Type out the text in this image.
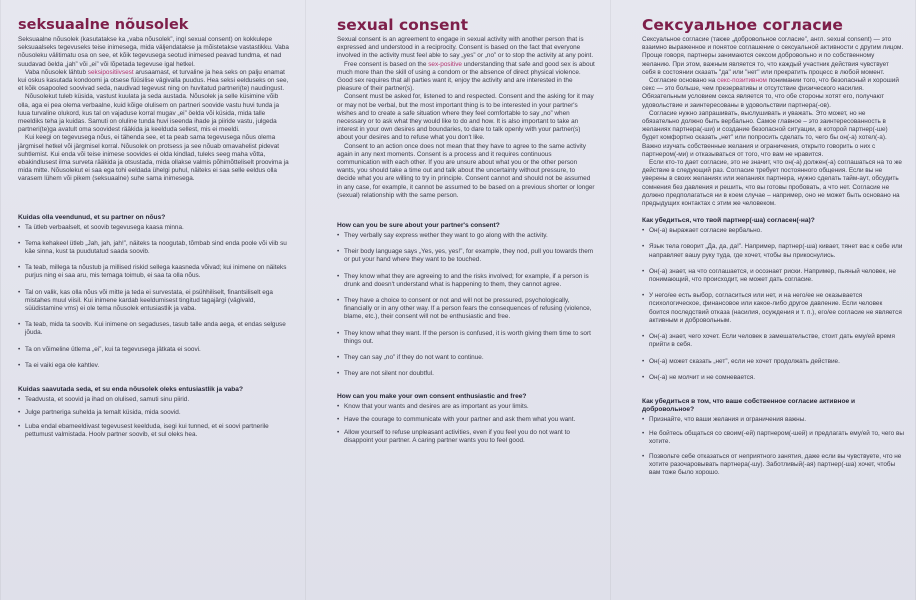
seksuaalne nõusolek

Seksuaalne nõusolek (kasutatakse ka „vaba nõusolek”, ingl sexual consent) on kokkulepe seksuaalseks tegevuseks teise inimesega, mida väljendatakse ja mõistetakse vastastikku. Vaba nõusoleku välitimatu osa on see, et kõik tegevusega seotud inimesed peavad tundma, et nad suudavad öelda „jah” või „ei” või lõpetada tegevuse igal hetkel.

Vaba nõusolek lähtub seksipositiivsest arusaamast, et turvaline ja hea seks on palju enamat kui oskus kasutada kondoomi ja otsese füüsilise vägivalla puudus. Hea seksi eelduseks on see, et kõik osapooled soovivad seda, naudivad tegevust ning on huvitatud partneri(te) naudingust.

Nõusolekut tuleb küsida, vastust kuulata ja seda austada. Nõusolek ja selle küsimine võib olla, aga ei pea olema verbaalne, kuid kõige olulisem on partneri soovide vastu huvi tunda ja luua turvaline olukord, kus tal on vajaduse korral mugav „ei” öelda või küsida, mida talle meeldiks teha ja kuidas. Samuti on oluline tunda huvi iseenda ihade ja piiride vastu, julgeda partneri(te)ga avatult oma soovidest rääkida ja keelduda sellest, mis ei meeldi.

Kui keegi on tegevusega nõus, ei tähenda see, et ta peab sama tegevusega nõus olema järgmisel hetkel või järgmisel korral. Nõusolek on protsess ja see nõuab omavahelist pidevat suhtlemist. Kui enda või teise inimese soovides ei olda kindlad, tuleks seeg maha võtta, ebakindlusest ilma surveta rääkida ja otsustada, mida ollakse valmis põhimõtteliselt proovima ja mida mitte. Nõusolekut ei saa ega tohi eeldada ühelgi puhul, näiteks ei saa selle eeldus olla varasem lühem või pikem (seksuaalne) suhe sama inimesega.

Kuidas olla veendunud, et su partner on nõus?
• Ta ütleb verbaalselt, et soovib tegevusega kaasa minna.
• Tema kehakeel ütleb „Jah, jah, jah!”, näiteks ta noogutab, tõmbab sind enda poole või viib su käe sinna, kust ta puudutatud saada soovib.
• Ta teab, millega ta nõustub ja millised riskid sellega kaasneda võivad; kui inimene on näiteks purjus ning ei saa aru, mis temaga toimub, ei saa ta olla nõus.
• Tal on valik, kas olla nõus või mitte ja teda ei survestata, ei psühhiliselt, finantsiliselt ega mistahes muul viisil. Kui inimene kardab keeldumisest tingitud tagajärgi (vägivald, süüdistamine vms) ei ole tema nõusolek entusiastlik ja vaba.
• Ta teab, mida ta soovib. Kui inimene on segaduses, tasub talle anda aega, et endas selguse jõuda.
• Ta on võimeline ütlema „ei”, kui ta tegevusega jätkata ei soovi.
• Ta ei vaiki ega ole kahtlev.
Kuidas saavutada seda, et su enda nõusolek oleks entusiastlik ja vaba?
• Teadvusta, et soovid ja ihad on olulised, samuti sinu piirid.
• Julge partneriga suhelda ja temalt küsida, mida soovid.
• Luba endal ebameeldivast tegevusest keelduda, isegi kui tunned, et ei soovi partnerile pettumust valmistada. Hoolv partner soovib, et sul oleks hea.
sexual consent

Sexual consent is an agreement to engage in sexual activity with another person that is expressed and understood in a reciprocity. Consent is based on the fact that everyone involved in the activity must feel able to say „yes” or „no” or to stop the activity at any point.

Free consent is based on the sex-positive understanding that safe and good sex is about much more than the skill of using a condom or the absence of direct physical violence. Good sex requires that all parties want it, enjoy the activity and are interested in the pleasure of their partner(s).

Consent must be asked for, listened to and respected. Consent and the asking for it may or may not be verbal, but the most important thing is to be interested in your partner's wishes and to create a safe situation where they feel comfortable to say „no” when necessary or to ask what they would like to do and how. It is also important to take an interest in your own desires and boundaries, to dare to talk openly with your partner(s) about your desires and to refuse what you don't like.

Consent to an action once does not mean that they have to agree to the same activity again in any next moments. Consent is a process and it requires continuous communication with each other. If you are unsure about what you or the other person wants, you should take a time out and talk about the uncertainty without pressure, to decide what you are willing to try in principle. Consent cannot and should not be assumed in any case, for example, it cannot be assumed to be based on a previous shorter or longer (sexual) relationship with the same person.

How can you be sure about your partner's consent?
• They verbally say express wether they want to go along with the activity.
• Their body language says „Yes, yes, yes!”, for example, they nod, pull you towards them or put your hand where they want to be touched.
• They know what they are agreeing to and the risks involved; for example, if a person is drunk and doesn't understand what is happening to them, they cannot agree.
• They have a choice to consent or not and will not be pressured, psychologically, financially or in any other way. If a person fears the consequences of refusing (violence, blame, etc.), their consent will not be enthusiastic and free.
• They know what they want. If the person is confused, it is worth giving them time to sort things out.
• They can say „no” if they do not want to continue.
• They are not silent nor doubtful.
How can you make your own consent enthusiastic and free?
• Know that your wants and desires are as important as your limits.
• Have the courage to communicate with your partner and ask them what you want.
• Allow yourself to refuse unpleasant activities, even if you feel you do not want to disappoint your partner. A caring partner wants you to feel good.
Сексуальное согласие

Сексуальное согласие (также „добровольное согласие”, англ. sexual consent) — это взаимно выраженное и понятое соглашение о сексуальной активности с другим лицом. Проще говоря, партнеры занимаются сексом добровольно и по собственному желанию. При этом, важным является то, что каждый участник действия чувствует себя в состоянии сказать "да" или "нет" или прекратить процесс в любой момент.

Согласие основано на секс-позитивном понимании того, что безопасный и хороший секс — это больше, чем презервативы и отсутствие физического насилия. Обязательным условием секса является то, что обе стороны хотят его, получают удовольствие и заинтересованы в удовольствии партнера(-ов).

Согласие нужно запрашивать, выслушивать и уважать. Это может, но не обязательно должно быть вербально. Самое главное – это заинтересованность в желаниях партнера(-ши) и создание безопасной ситуации, в которой партнер(-ше) будет комфортно сказать „нет” или попросить сделать то, чего бы он(-а) хотел(-а). Важно изучать собственные желания и ограничения, открыто говорить о них с партнером(-ми) и отказываться от того, что вам не нравится.

Если кто-то дает согласие, это не значит, что он(-а) должен(-а) соглашаться на то же действие в следующий раз. Согласие требует постоянного общения. Если вы не уверены в своих желаниях или желаниях партнера, нужно сделать тайм-аут, обсудить сомнения без давления и решить, что вы готовы пробовать, а что нет. Согласие не должно предполагаться ни в коем случае – например, оно не может быть основано на предыдущих контактах с этим же человеком.

Как убедиться, что твой партнер(-ша) согласен(-на)?
• Он(-а) выражает согласие вербально.
• Язык тела говорит „Да, да, да!”. Например, партнер(-ша) кивает, тянет вас к себе или направляет вашу руку туда, где хочет, чтобы вы прикоснулись.
• Он(-а) знает, на что соглашается, и осознает риски. Например, пьяный человек, не понимающий, что происходит, не может дать согласие.
• У него/ее есть выбор, согласиться или нет, и на него/ее не оказывается психологическое, финансовое или какое-либо другое давление. Если человек боится последствий отказа (насилия, осуждения и т. п.), его/ее согласие не является активным и добровольным.
• Он(-а) знает, чего хочет. Если человек в замешательстве, стоит дать ему/ей время прийти в себя.
• Он(-а) может сказать „нет”, если не хочет продолжать действие.
• Он(-а) не молчит и не сомневается.
Как убедиться в том, что ваше собственное согласие активное и добровольное?
• Признайте, что ваши желания и ограничения важны.
• Не бойтесь общаться со своим(-ей) партнером(-шей) и предлагать ему/ей то, чего вы хотите.
• Позвольте себе отказаться от неприятного занятия, даже если вы чувствуете, что не хотите разочаровывать партнера(-шу). Заботливый(-ая) партнер(-ша) хочет, чтобы вам тоже было хорошо.
